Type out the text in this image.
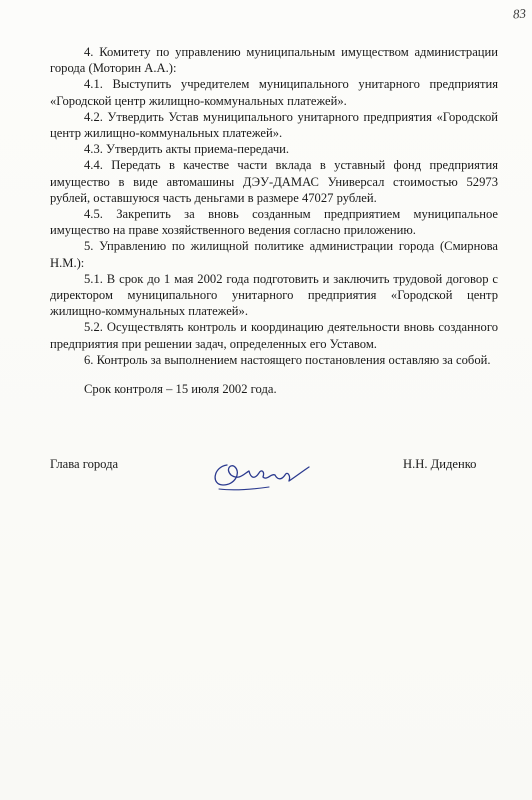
83

4. Комитету по управлению муниципальным имуществом администрации города (Моторин А.А.):

4.1. Выступить учредителем муниципального унитарного предприятия «Городской центр жилищно-коммунальных платежей».

4.2. Утвердить Устав муниципального унитарного предприятия «Городской центр жилищно-коммунальных платежей».

4.3. Утвердить акты приема-передачи.

4.4. Передать в качестве части вклада в уставный фонд предприятия имущество в виде автомашины ДЭУ-ДАМАС Универсал стоимостью 52973 рублей, оставшуюся часть деньгами в размере 47027 рублей.

4.5. Закрепить за вновь созданным предприятием муниципальное имущество на праве хозяйственного ведения согласно приложению.

5. Управлению по жилищной политике администрации города (Смирнова Н.М.):

5.1. В срок до 1 мая 2002 года подготовить и заключить трудовой договор с директором муниципального унитарного предприятия «Городской центр жилищно-коммунальных платежей».

5.2. Осуществлять контроль и координацию деятельности вновь созданного предприятия при решении задач, определенных его Уставом.

6. Контроль за выполнением настоящего постановления оставляю за собой.

Срок контроля – 15 июля 2002 года.
Глава города	Н.Н. Диденко
